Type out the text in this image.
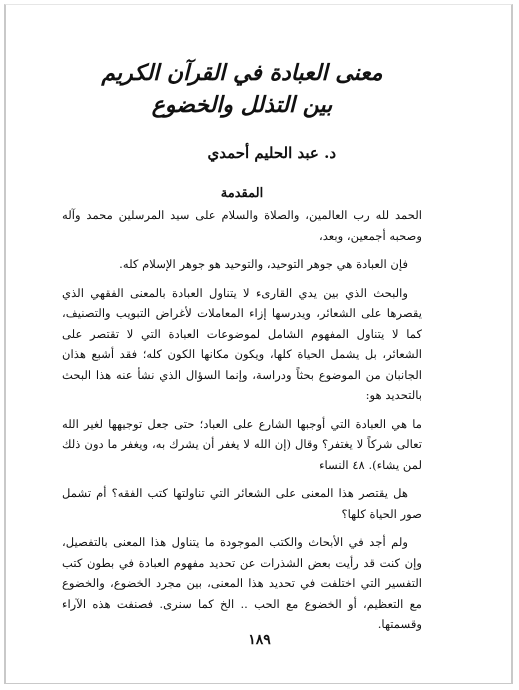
معنى العبادة في القرآن الكريم
بين التذلل والخضوع
د. عبد الحليم أحمدي
المقدمة

الحمد لله رب العالمين، والصلاة والسلام على سيد المرسلين محمد وآله وصحبه أجمعين، وبعد،

فإن العبادة هي جوهر التوحيد، والتوحيد هو جوهر الإسلام كله.

والبحث الذي بين يدي القارىء لا يتناول العبادة بالمعنى الفقهي الذي يقصرها على الشعائر، ويدرسها إزاء المعاملات لأغراض التبويب والتصنيف، كما لا يتناول المفهوم الشامل لموضوعات العبادة التي لا تقتصر على الشعائر، بل يشمل الحياة كلها، ويكون مكانها الكون كله؛ فقد أشبع هذان الجانبان من الموضوع بحثاً ودراسة، وإنما السؤال الذي نشأ عنه هذا البحث بالتحديد هو:

ما هي العبادة التي أوجبها الشارع على العباد؛ حتى جعل توجيهها لغير الله تعالى شركاً لا يغتفر؟ وقال (إن الله لا يغفر أن يشرك به، ويغفر ما دون ذلك لمن يشاء). ٤٨ النساء

هل يقتصر هذا المعنى على الشعائر التي تناولتها كتب الفقه؟ أم تشمل صور الحياة كلها؟

ولم أجد في الأبحاث والكتب الموجودة ما يتناول هذا المعنى بالتفصيل، وإن كنت قد رأيت بعض الشذرات عن تحديد مفهوم العبادة في بطون كتب التفسير التي اختلفت في تحديد هذا المعنى، بين مجرد الخضوع، والخضوع مع التعظيم، أو الخضوع مع الحب .. الخ كما سنرى. فصنفت هذه الآراء وقسمتها.

١٨٩
